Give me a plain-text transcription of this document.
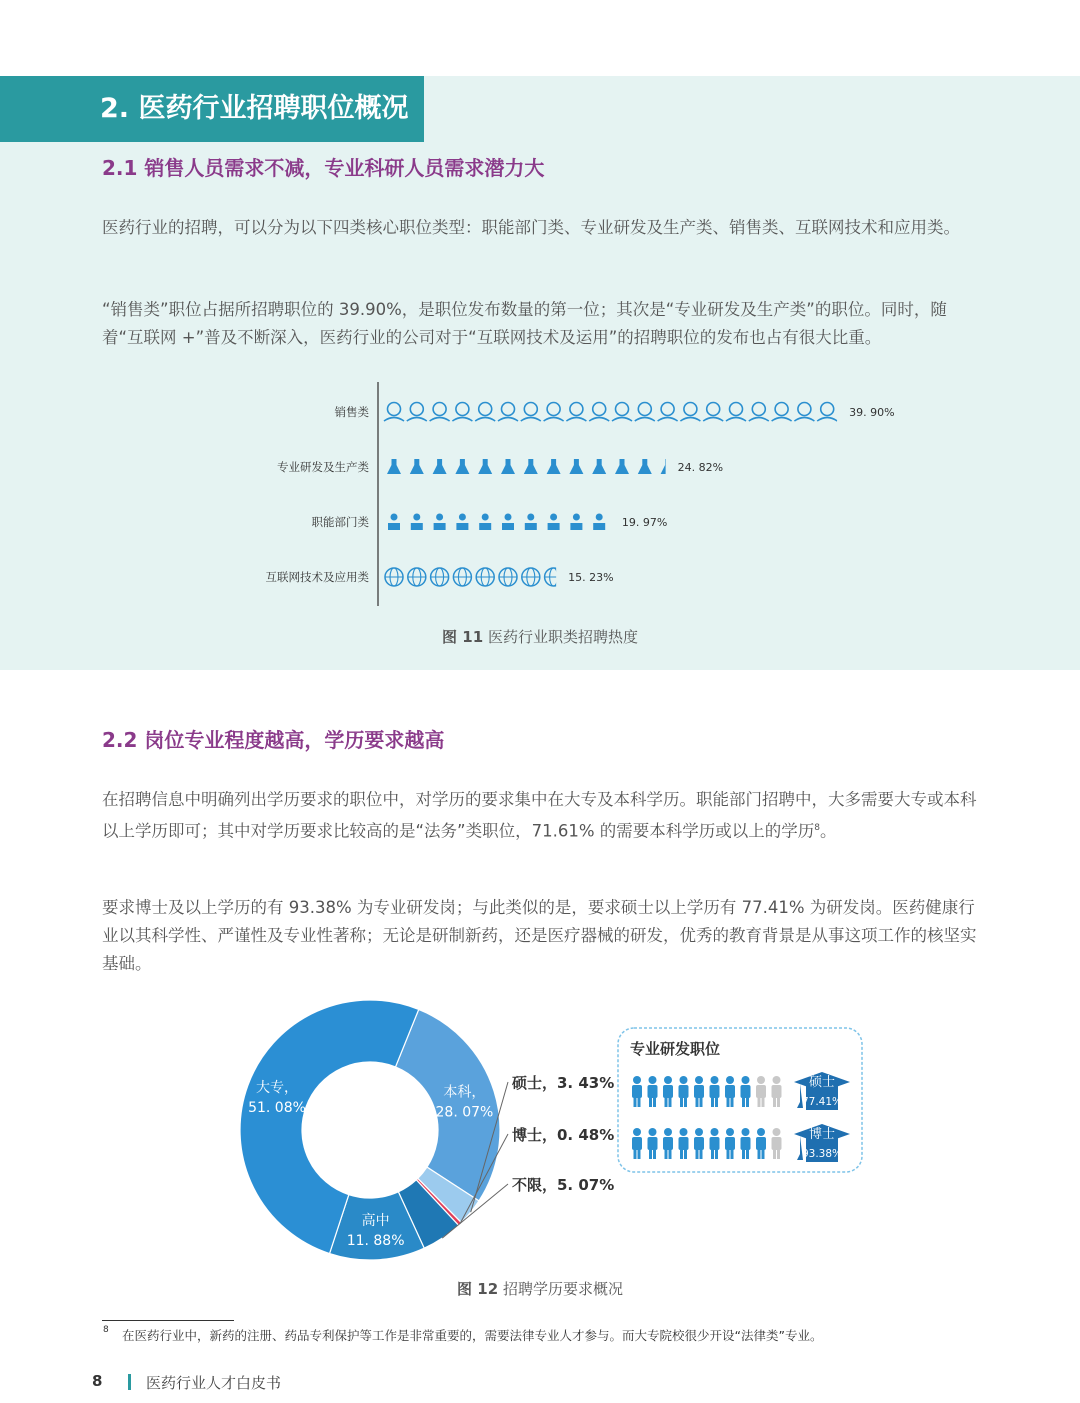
2. 医药行业招聘职位概况
2.1 销售人员需求不减，专业科研人员需求潜力大

医药行业的招聘，可以分为以下四类核心职位类型：职能部门类、专业研发及生产类、销售类、互联网技术和应用类。

“销售类”职位占据所招聘职位的 39.90%，是职位发布数量的第一位；其次是“专业研发及生产类”的职位。同时，随着“互联网 +”普及不断深入，医药行业的公司对于“互联网技术及运用”的招聘职位的发布也占有很大比重。

销售类	39. 90%
专业研发及生产类	24. 82%
职能部门类	19. 97%
互联网技术及应用类	15. 23%
图 11 医药行业职类招聘热度
2.2 岗位专业程度越高，学历要求越高

在招聘信息中明确列出学历要求的职位中，对学历的要求集中在大专及本科学历。职能部门招聘中，大多需要大专或本科以上学历即可；其中对学历要求比较高的是“法务”类职位，71.61% 的需要本科学历或以上的学历$^8$。

要求博士及以上学历的有 93.38% 为专业研发岗；与此类似的是，要求硕士以上学历有 77.41% 为研发岗。医药健康行业以其科学性、严谨性及专业性著称；无论是研制新药，还是医疗器械的研发，优秀的教育背景是从事这项工作的核坚实基础。

本科，
28. 07%
高中
11. 88%
大专，
51. 08%
硕士，3. 43%
博士，0. 48%
不限，5. 07%
专业研发职位
硕士
77.41%
博士
93.38%
图 12 招聘学历要求概况
8 在医药行业中，新药的注册、药品专利保护等工作是非常重要的，需要法律专业人才参与。而大专院校很少开设“法律类”专业。
8	医药行业人才白皮书
